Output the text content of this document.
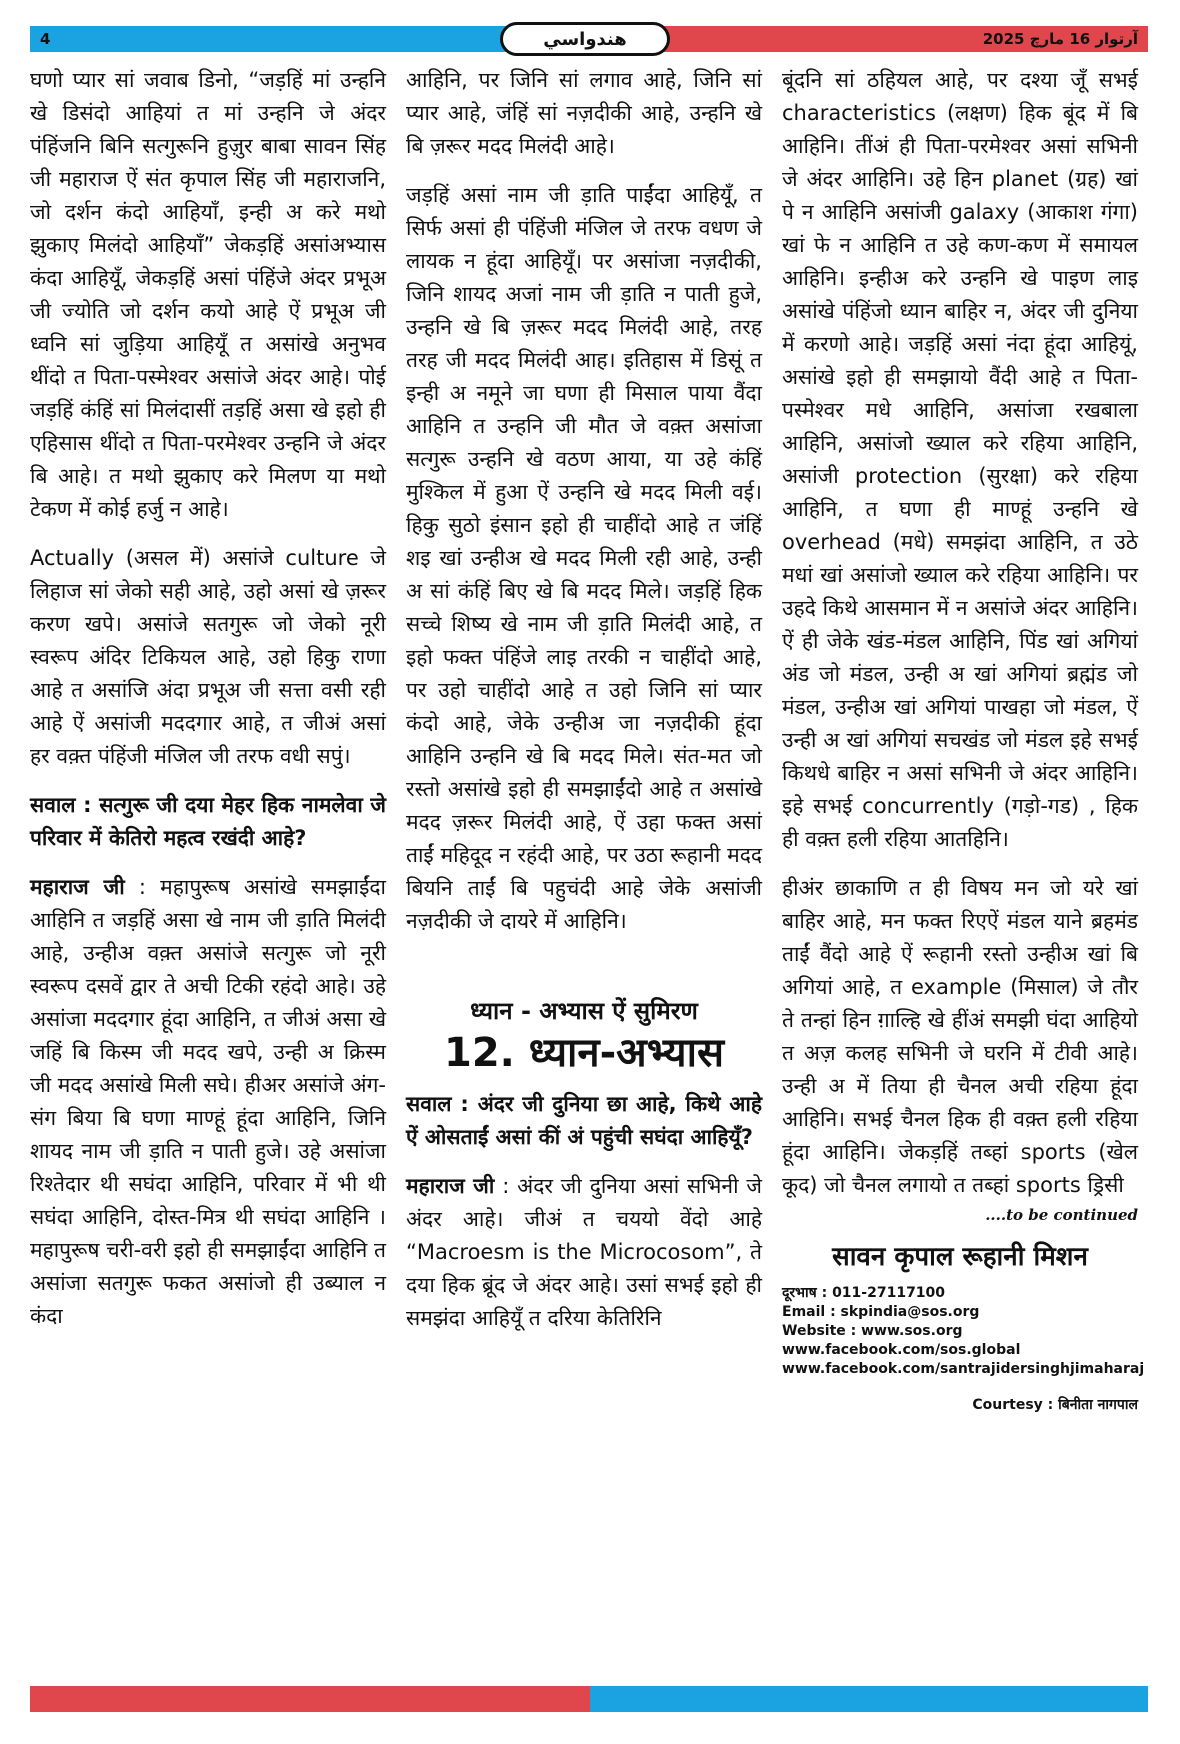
4	آرتوار 16 مارچ 2025
هندواسي

घणो प्यार सां जवाब डिनो, “जड़हिं मां उन्हनि खे डिसंदो आहियां त मां उन्हनि जे अंदर पंहिंजनि बिनि सत्गुरूनि हुज़ुर बाबा सावन सिंह जी महाराज ऐं संत कृपाल सिंह जी महाराजनि, जो दर्शन कंदो आहियाँ, इन्ही अ करे मथो झुकाए मिलंदो आहियाँ” जेकड़हिं असांअभ्यास कंदा आहियूँ, जेकड़हिं असां पंहिंजे अंदर प्रभूअ जी ज्योति जो दर्शन कयो आहे ऐं प्रभूअ जी ध्वनि सां जुड़िया आहियूँ त असांखे अनुभव थींदो त पिता-पस्मेश्वर असांजे अंदर आहे। पोई जड़हिं कंहिं सां मिलंदासीं तड़हिं असा खे इहो ही एहिसास थींदो त पिता-परमेश्वर उन्हनि जे अंदर बि आहे। त मथो झुकाए करे मिलण या मथो टेकण में कोई हर्जु न आहे।

Actually (असल में) असांजे culture जे लिहाज सां जेको सही आहे, उहो असां खे ज़रूर करण खपे। असांजे सतगुरू जो जेको नूरी स्वरूप अंदिर टिकियल आहे, उहो हिकु राणा आहे त असांजि अंदा प्रभूअ जी सत्ता वसी रही आहे ऐं असांजी मददगार आहे, त जीअं असां हर वक़्त पंहिंजी मंजिल जी तरफ वधी सपुं।

सवाल : सत्गुरू जी दया मेहर हिक नामलेवा जे परिवार में केतिरो महत्व रखंदी आहे?

महाराज जी : महापुरूष असांखे समझाईंदा आहिनि त जड़हिं असा खे नाम जी ड़ाति मिलंदी आहे, उन्हीअ वक़्त असांजे सत्गुरू जो नूरी स्वरूप दसवें द्वार ते अची टिकी रहंदो आहे। उहे असांजा मददगार हूंदा आहिनि, त जीअं असा खे जहिं बि किस्म जी मदद खपे, उन्ही अ क्रिस्म जी मदद असांखे मिली सघे। हीअर असांजे अंग-संग बिया बि घणा माण्हूं हूंदा आहिनि, जिनि शायद नाम जी ड़ाति न पाती हुजे। उहे असांजा रिश्तेदार थी सघंदा आहिनि, परिवार में भी थी सघंदा आहिनि, दोस्त-मित्र थी सघंदा आहिनि । महापुरूष चरी-वरी इहो ही समझाईंदा आहिनि त असांजा सतगुरू फकत असांजो ही उब्याल न कंदा

आहिनि, पर जिनि सां लगाव आहे, जिनि सां प्यार आहे, जंहिं सां नज़दीकी आहे, उन्हनि खे बि ज़रूर मदद मिलंदी आहे।

जड़हिं असां नाम जी ड़ाति पाईंदा आहियूँ, त सिर्फ असां ही पंहिंजी मंजिल जे तरफ वधण जे लायक न हूंदा आहियूँ। पर असांजा नज़दीकी, जिनि शायद अजां नाम जी ड़ाति न पाती हुजे, उन्हनि खे बि ज़रूर मदद मिलंदी आहे, तरह तरह जी मदद मिलंदी आह। इतिहास में डिसूं त इन्ही अ नमूने जा घणा ही मिसाल पाया वैंदा आहिनि त उन्हनि जी मौत जे वक़्त असांजा सत्गुरू उन्हनि खे वठण आया, या उहे कंहिं मुश्किल में हुआ ऐं उन्हनि खे मदद मिली वई। हिकु सुठो इंसान इहो ही चाहींदो आहे त जंहिं शइ खां उन्हीअ खे मदद मिली रही आहे, उन्ही अ सां कंहिं बिए खे बि मदद मिले। जड़हिं हिक सच्चे शिष्य खे नाम जी ड़ाति मिलंदी आहे, त इहो फक्त पंहिंजे लाइ तरकी न चाहींदो आहे, पर उहो चाहींदो आहे त उहो जिनि सां प्यार कंदो आहे, जेके उन्हीअ जा नज़दीकी हूंदा आहिनि उन्हनि खे बि मदद मिले। संत-मत जो रस्तो असांखे इहो ही समझाईंदो आहे त असांखे मदद ज़रूर मिलंदी आहे, ऐं उहा फक्त असां ताईं महिदूद न रहंदी आहे, पर उठा रूहानी मदद बियनि ताईं बि पहुचंदी आहे जेके असांजी नज़दीकी जे दायरे में आहिनि।

ध्यान - अभ्यास ऐं सुमिरण
12. ध्यान-अभ्यास

सवाल : अंदर जी दुनिया छा आहे, किथे आहे ऐं ओसताईं असां कीं अं पहुंची सघंदा आहियूँ?

महाराज जी : अंदर जी दुनिया असां सभिनी जे अंदर आहे। जीअं त चययो वेंदो आहे “Macroesm is the Microcosom”, ते दया हिक ब्रूंद जे अंदर आहे। उसां सभई इहो ही समझंदा आहियूँ त दरिया केतिरिनि

बूंदनि सां ठहियल आहे, पर दश्या जूँ सभई characteristics (लक्षण) हिक बूंद में बि आहिनि। तींअं ही पिता-परमेश्वर असां सभिनी जे अंदर आहिनि। उहे हिन planet (ग्रह) खां पे न आहिनि असांजी galaxy (आकाश गंगा) खां फे न आहिनि त उहे कण-कण में समायल आहिनि। इन्हीअ करे उन्हनि खे पाइण लाइ असांखे पंहिंजो ध्यान बाहिर न, अंदर जी दुनिया में करणो आहे। जड़हिं असां नंदा हूंदा आहियूं, असांखे इहो ही समझायो वैंदी आहे त पिता-पस्मेश्वर मधे आहिनि, असांजा रखबाला आहिनि, असांजो ख्याल करे रहिया आहिनि, असांजी protection (सुरक्षा) करे रहिया आहिनि, त घणा ही माण्हूं उन्हनि खे overhead (मधे) समझंदा आहिनि, त उठे मधां खां असांजो ख्याल करे रहिया आहिनि। पर उहदे किथे आसमान में न असांजे अंदर आहिनि। ऐं ही जेके खंड-मंडल आहिनि, पिंड खां अगियां अंड जो मंडल, उन्ही अ खां अगियां ब्रह्मंड जो मंडल, उन्हीअ खां अगियां पाखहा जो मंडल, ऐं उन्ही अ खां अगियां सचखंड जो मंडल इहे सभई किथधे बाहिर न असां सभिनी जे अंदर आहिनि। इहे सभई concurrently (गड़ो-गड) , हिक ही वक़्त हली रहिया आतहिनि।

हीअंर छाकाणि त ही विषय मन जो यरे खां बाहिर आहे, मन फक्त रिएऐं मंडल याने ब्रहमंड ताईं वैंदो आहे ऐं रूहानी रस्तो उन्हीअ खां बि अगियां आहे, त example (मिसाल) जे तौर ते तन्हां हिन ग़ाल्हि खे हींअं समझी घंदा आहियो त अज़ कलह सभिनी जे घरनि में टीवी आहे। उन्ही अ में तिया ही चैनल अची रहिया हूंदा आहिनि। सभई चैनल हिक ही वक़्त हली रहिया हूंदा आहिनि। जेकड़हिं तब्हां sports (खेल कूद) जो चैनल लगायो त तब्हां sports ड्रिसी

....to be continued
सावन कृपाल रूहानी मिशन
दूरभाष : 011-27117100
Email : skpindia@sos.org
Website : www.sos.org
www.facebook.com/sos.global
www.facebook.com/santrajidersinghjimaharaj
Courtesy : बिनीता नागपाल
